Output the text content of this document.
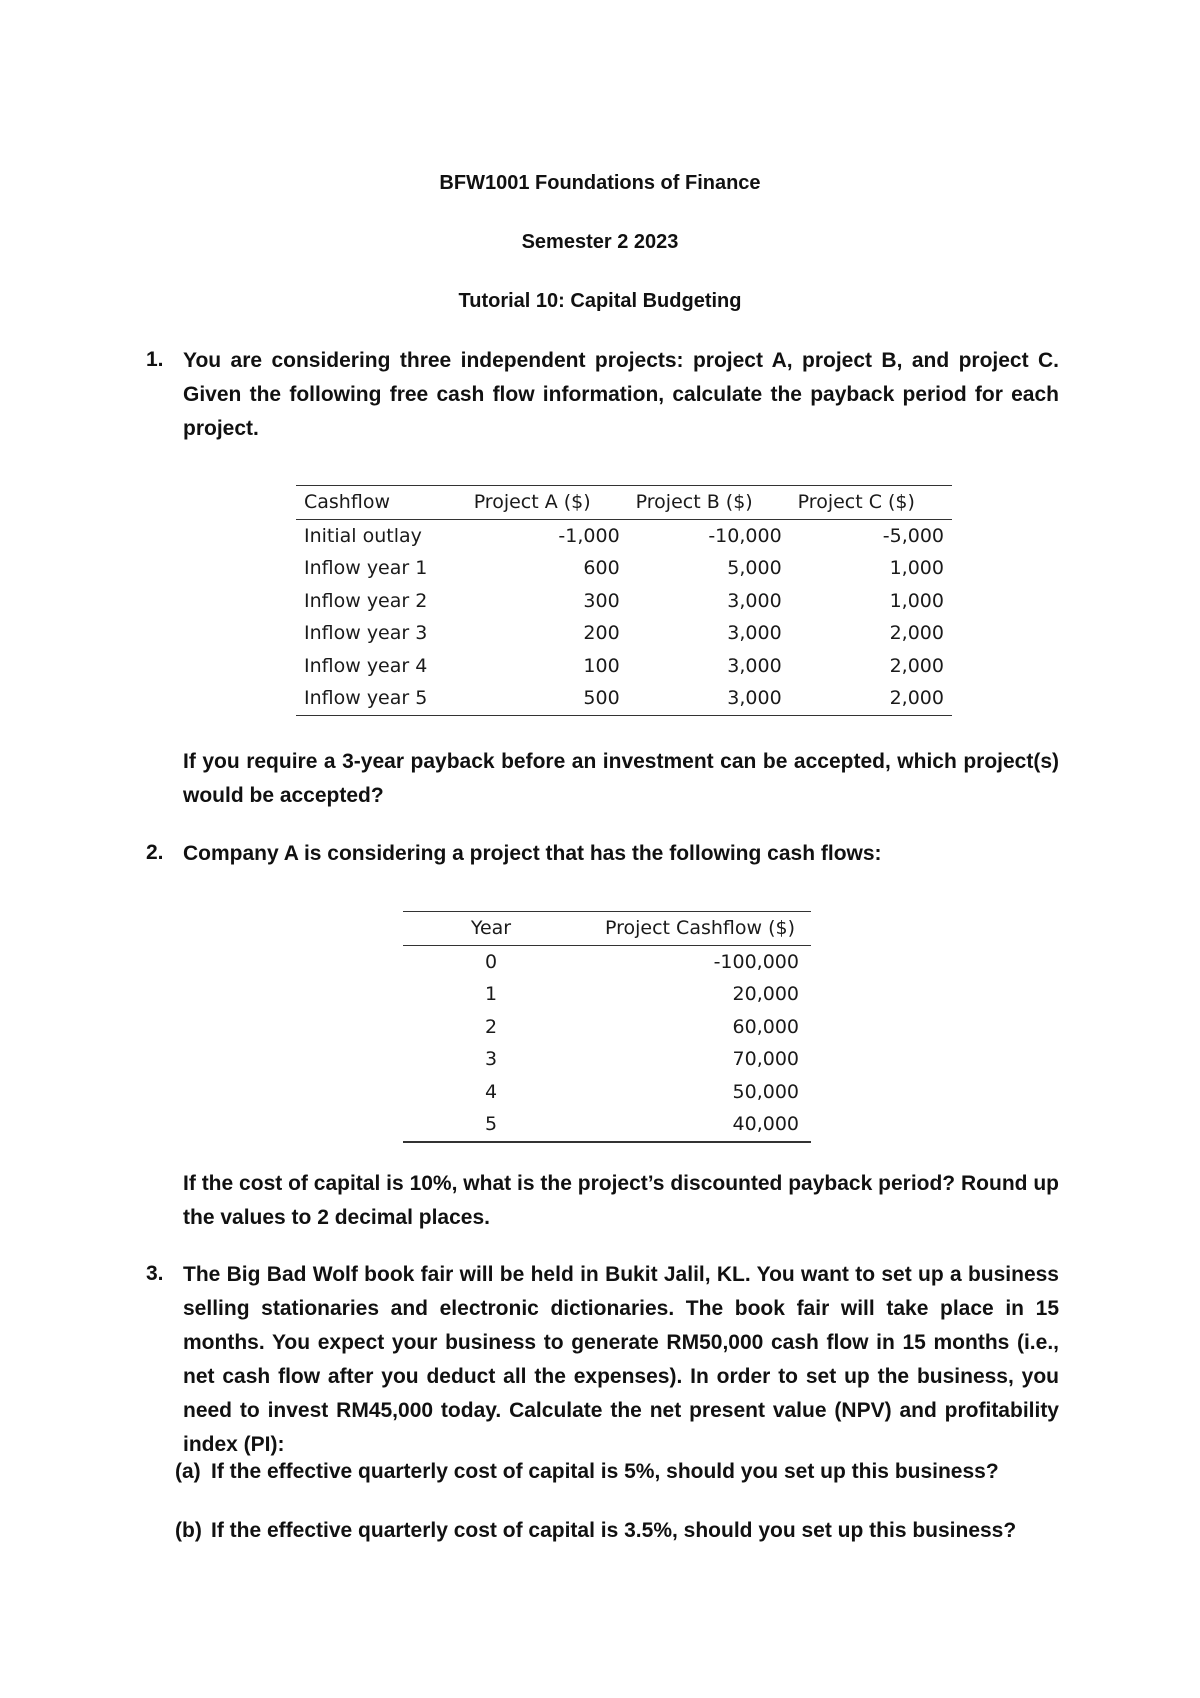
BFW1001 Foundations of Finance
Semester 2 2023
Tutorial 10: Capital Budgeting
1. You are considering three independent projects: project A, project B, and project C. Given the following free cash flow information, calculate the payback period for each project.
Cashflow	Project A ($)	Project B ($)	Project C ($)
Initial outlay	-1,000	-10,000	-5,000
Inflow year 1	600	5,000	1,000
Inflow year 2	300	3,000	1,000
Inflow year 3	200	3,000	2,000
Inflow year 4	100	3,000	2,000
Inflow year 5	500	3,000	2,000
If you require a 3-year payback before an investment can be accepted, which project(s) would be accepted?
2. Company A is considering a project that has the following cash flows:
Year	Project Cashflow ($)
0	-100,000
1	20,000
2	60,000
3	70,000
4	50,000
5	40,000
If the cost of capital is 10%, what is the project’s discounted payback period? Round up the values to 2 decimal places.
3. The Big Bad Wolf book fair will be held in Bukit Jalil, KL. You want to set up a business selling stationaries and electronic dictionaries. The book fair will take place in 15 months. You expect your business to generate RM50,000 cash flow in 15 months (i.e., net cash flow after you deduct all the expenses). In order to set up the business, you need to invest RM45,000 today. Calculate the net present value (NPV) and profitability index (PI):
(a) If the effective quarterly cost of capital is 5%, should you set up this business?
(b) If the effective quarterly cost of capital is 3.5%, should you set up this business?
